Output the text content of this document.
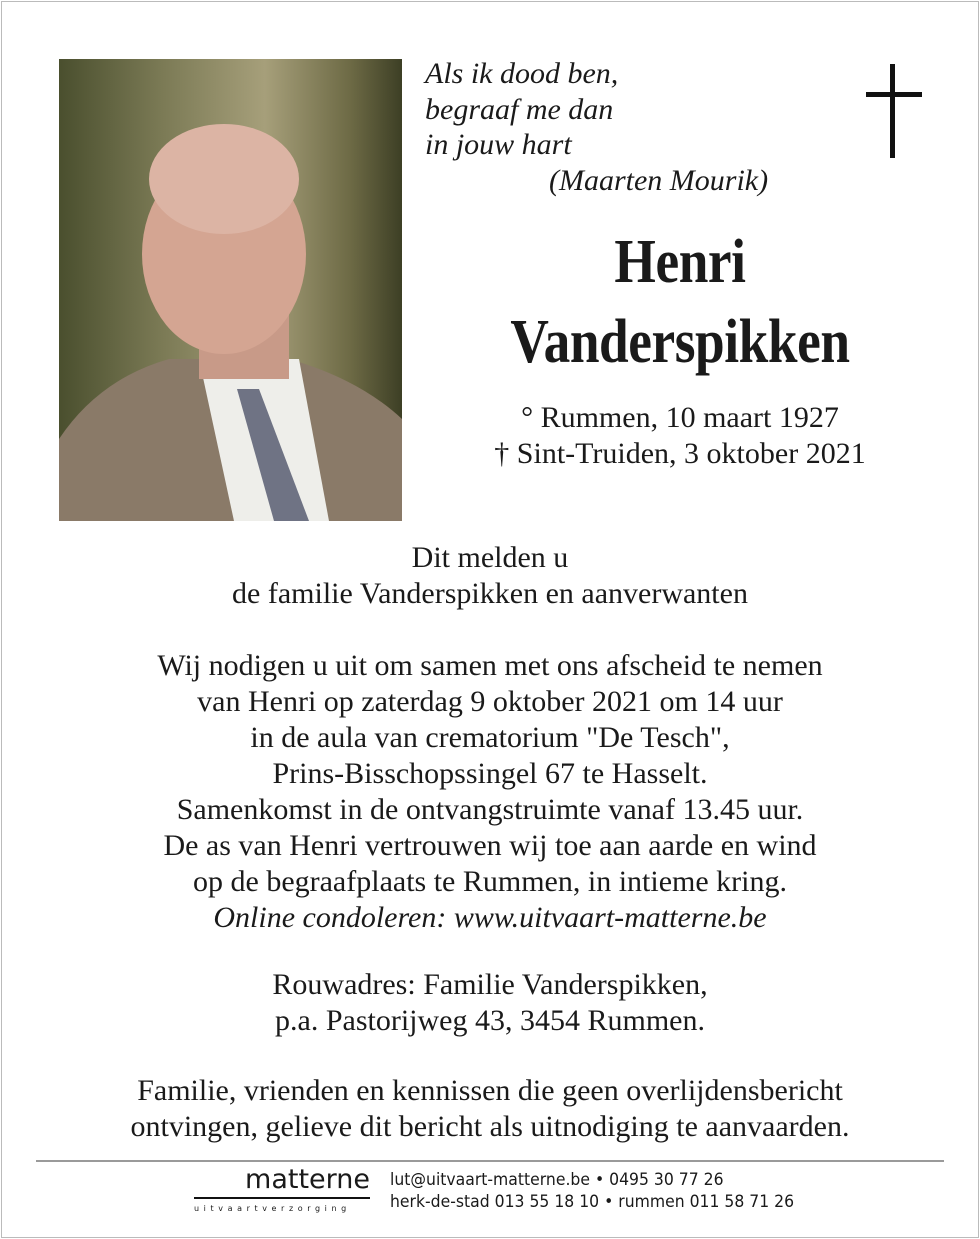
Als ik dood ben,
begraaf me dan
in jouw hart
(Maarten Mourik)
Henri
Vanderspikken
° Rummen, 10 maart 1927
† Sint-Truiden, 3 oktober 2021
Dit melden u
de familie Vanderspikken en aanverwanten
Wij nodigen u uit om samen met ons afscheid te nemen
van Henri op zaterdag 9 oktober 2021 om 14 uur
in de aula van crematorium "De Tesch",
Prins-Bisschopssingel 67 te Hasselt.
Samenkomst in de ontvangstruimte vanaf 13.45 uur.
De as van Henri vertrouwen wij toe aan aarde en wind
op de begraafplaats te Rummen, in intieme kring.
Online condoleren: www.uitvaart-matterne.be
Rouwadres: Familie Vanderspikken,
p.a. Pastorijweg 43, 3454 Rummen.
Familie, vrienden en kennissen die geen overlijdensbericht
ontvingen, gelieve dit bericht als uitnodiging te aanvaarden.
matterne
uitvaartverzorging
lut@uitvaart-matterne.be • 0495 30 77 26
herk-de-stad 013 55 18 10 • rummen 011 58 71 26
